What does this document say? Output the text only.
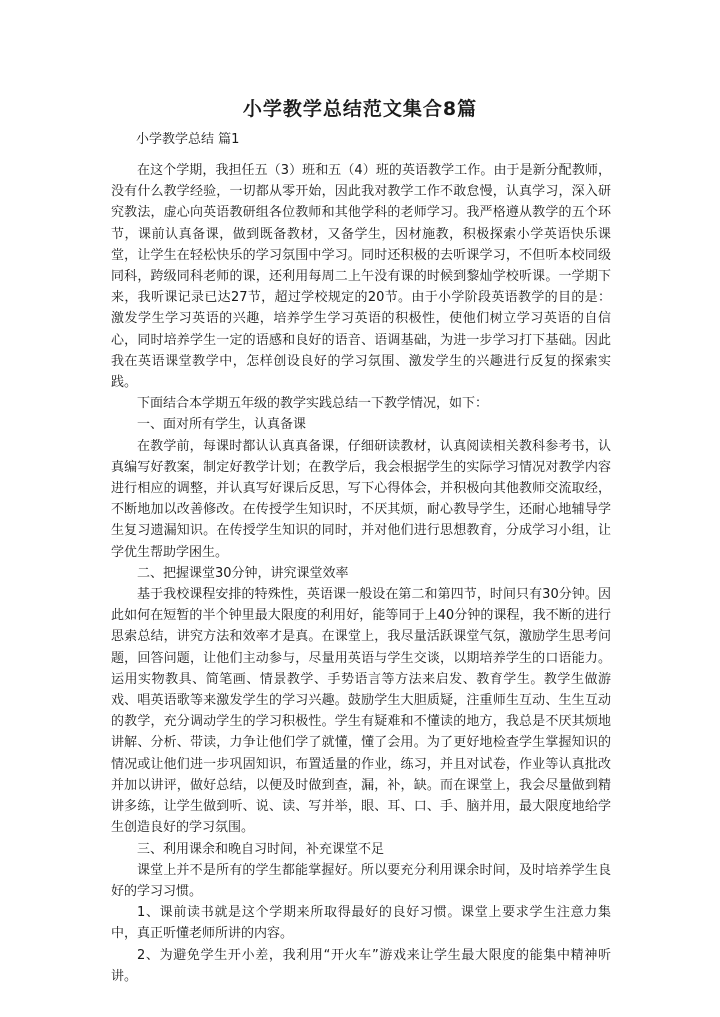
小学教学总结范文集合8篇
小学教学总结 篇1

在这个学期，我担任五（3）班和五（4）班的英语教学工作。由于是新分配教师，没有什么教学经验，一切都从零开始，因此我对教学工作不敢怠慢，认真学习，深入研究教法，虚心向英语教研组各位教师和其他学科的老师学习。我严格遵从教学的五个环节，课前认真备课，做到既备教材，又备学生，因材施教，积极探索小学英语快乐课堂，让学生在轻松快乐的学习氛围中学习。同时还积极的去听课学习，不但听本校同级同科，跨级同科老师的课，还利用每周二上午没有课的时候到黎灿学校听课。一学期下来，我听课记录已达27节，超过学校规定的20节。由于小学阶段英语教学的目的是：激发学生学习英语的兴趣，培养学生学习英语的积极性，使他们树立学习英语的自信心，同时培养学生一定的语感和良好的语音、语调基础，为进一步学习打下基础。因此我在英语课堂教学中，怎样创设良好的学习氛围、激发学生的兴趣进行反复的探索实践。

下面结合本学期五年级的教学实践总结一下教学情况，如下：

一、面对所有学生，认真备课

在教学前，每课时都认认真真备课，仔细研读教材，认真阅读相关教科参考书，认真编写好教案，制定好教学计划；在教学后，我会根据学生的实际学习情况对教学内容进行相应的调整，并认真写好课后反思，写下心得体会，并积极向其他教师交流取经，不断地加以改善修改。在传授学生知识时，不厌其烦，耐心教导学生，还耐心地辅导学生复习遗漏知识。在传授学生知识的同时，并对他们进行思想教育，分成学习小组，让学优生帮助学困生。

二、把握课堂30分钟，讲究课堂效率

基于我校课程安排的特殊性，英语课一般设在第二和第四节，时间只有30分钟。因此如何在短暂的半个钟里最大限度的利用好，能等同于上40分钟的课程，我不断的进行思索总结，讲究方法和效率才是真。在课堂上，我尽量活跃课堂气氛，激励学生思考问题，回答问题，让他们主动参与，尽量用英语与学生交谈，以期培养学生的口语能力。运用实物教具、简笔画、情景教学、手势语言等方法来启发、教育学生。教学生做游戏、唱英语歌等来激发学生的学习兴趣。鼓励学生大胆质疑，注重师生互动、生生互动的教学，充分调动学生的学习积极性。学生有疑难和不懂读的地方，我总是不厌其烦地讲解、分析、带读，力争让他们学了就懂，懂了会用。为了更好地检查学生掌握知识的情况或让他们进一步巩固知识，布置适量的作业，练习，并且对试卷，作业等认真批改并加以讲评，做好总结，以便及时做到查，漏，补，缺。而在课堂上，我会尽量做到精讲多练，让学生做到听、说、读、写并举，眼、耳、口、手、脑并用，最大限度地给学生创造良好的学习氛围。

三、利用课余和晚自习时间，补充课堂不足

课堂上并不是所有的学生都能掌握好。所以要充分利用课余时间，及时培养学生良好的学习习惯。

1、课前读书就是这个学期来所取得最好的良好习惯。课堂上要求学生注意力集中，真正听懂老师所讲的内容。

2、为避免学生开小差，我利用“开火车”游戏来让学生最大限度的能集中精神听讲。
